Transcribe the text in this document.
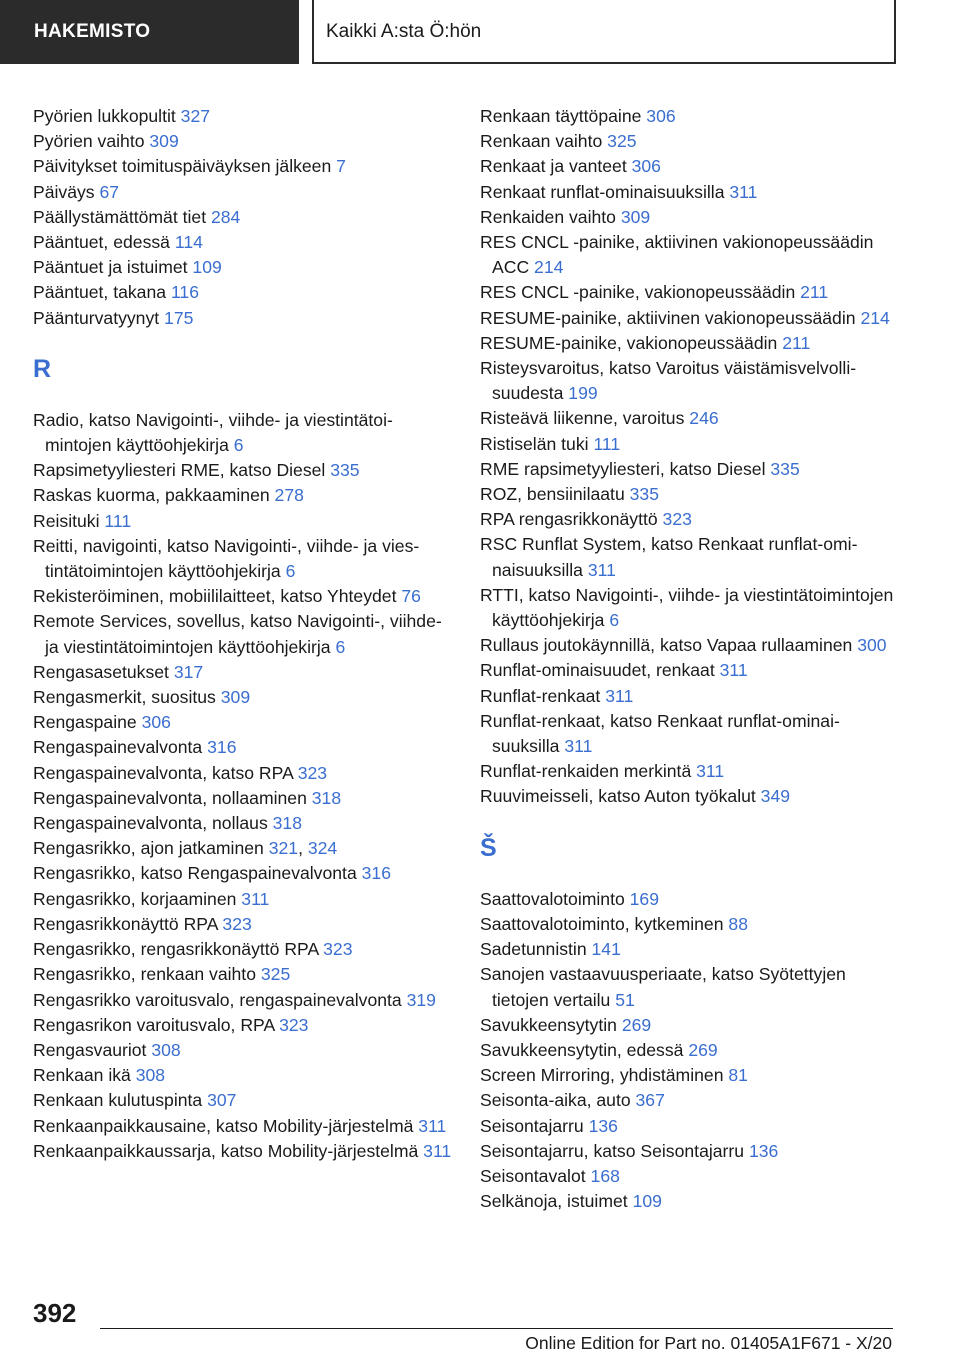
HAKEMISTO	Kaikki A:sta Ö:hön
Pyörien lukkopultit 327
Pyörien vaihto 309
Päivitykset toimituspäiväyksen jälkeen 7
Päiväys 67
Päällystämättömät tiet 284
Pääntuet, edessä 114
Pääntuet ja istuimet 109
Pääntuet, takana 116
Päänturvatyynyt 175
R
Radio, katso Navigointi-, viihde- ja viestintätoimintojen käyttöohjekirja 6
Rapsimetyyliesteri RME, katso Diesel 335
Raskas kuorma, pakkaaminen 278
Reisituki 111
Reitti, navigointi, katso Navigointi-, viihde- ja viestintätoimintojen käyttöohjekirja 6
Rekisteröiminen, mobiililaitteet, katso Yhteydet 76
Remote Services, sovellus, katso Navigointi-, viihde- ja viestintätoimintojen käyttöohjekirja 6
Rengasasetukset 317
Rengasmerkit, suositus 309
Rengaspaine 306
Rengaspainevalvonta 316
Rengaspainevalvonta, katso RPA 323
Rengaspainevalvonta, nollaaminen 318
Rengaspainevalvonta, nollaus 318
Rengasrikko, ajon jatkaminen 321, 324
Rengasrikko, katso Rengaspainevalvonta 316
Rengasrikko, korjaaminen 311
Rengasrikkonäyttö RPA 323
Rengasrikko, rengasrikkonäyttö RPA 323
Rengasrikko, renkaan vaihto 325
Rengasrikko varoitusvalo, rengaspainevalvonta 319
Rengasrikon varoitusvalo, RPA 323
Rengasvauriot 308
Renkaan ikä 308
Renkaan kulutuspinta 307
Renkaanpaikkausaine, katso Mobility-järjestelmä 311
Renkaanpaikkaussarja, katso Mobility-järjestelmä 311
Renkaan täyttöpaine 306
Renkaan vaihto 325
Renkaat ja vanteet 306
Renkaat runflat-ominaisuuksilla 311
Renkaiden vaihto 309
RES CNCL -painike, aktiivinen vakionopeussäädin ACC 214
RES CNCL -painike, vakionopeussäädin 211
RESUME-painike, aktiivinen vakionopeussäädin 214
RESUME-painike, vakionopeussäädin 211
Risteysvaroitus, katso Varoitus väistämisvelvollisuudesta 199
Risteävä liikenne, varoitus 246
Ristiselän tuki 111
RME rapsimetyyliesteri, katso Diesel 335
ROZ, bensiinilaatu 335
RPA rengasrikkonäyttö 323
RSC Runflat System, katso Renkaat runflat-ominaisuuksilla 311
RTTI, katso Navigointi-, viihde- ja viestintätoimintojen käyttöohjekirja 6
Rullaus joutokäynnillä, katso Vapaa rullaaminen 300
Runflat-ominaisuudet, renkaat 311
Runflat-renkaat 311
Runflat-renkaat, katso Renkaat runflat-ominaisuuksilla 311
Runflat-renkaiden merkintä 311
Ruuvimeisseli, katso Auton työkalut 349
Š
Saattovalotoiminto 169
Saattovalotoiminto, kytkeminen 88
Sadetunnistin 141
Sanojen vastaavuusperiaate, katso Syötettyjen tietojen vertailu 51
Savukkeensytytin 269
Savukkeensytytin, edessä 269
Screen Mirroring, yhdistäminen 81
Seisonta-aika, auto 367
Seisontajarru 136
Seisontajarru, katso Seisontajarru 136
Seisontavalot 168
Selkänoja, istuimet 109
392
Online Edition for Part no. 01405A1F671 - X/20
